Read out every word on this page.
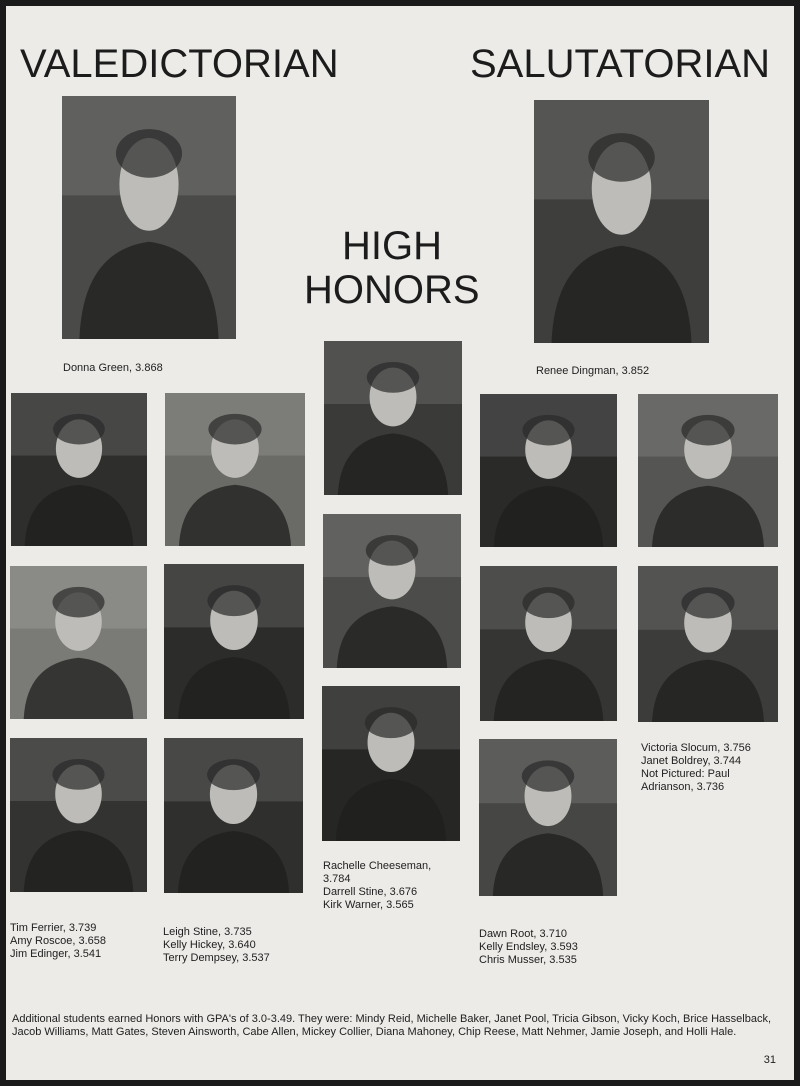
VALEDICTORIAN	SALUTATORIAN
HIGH
HONORS
Donna Green, 3.868	Renee Dingman, 3.852
Tim Ferrier, 3.739
Amy Roscoe, 3.658
Jim Edinger, 3.541
Leigh Stine, 3.735
Kelly Hickey, 3.640
Terry Dempsey, 3.537
Rachelle Cheeseman,
3.784
Darrell Stine, 3.676
Kirk Warner, 3.565
Dawn Root, 3.710
Kelly Endsley, 3.593
Chris Musser, 3.535
Victoria Slocum, 3.756
Janet Boldrey, 3.744
Not Pictured: Paul
Adrianson, 3.736
Additional students earned Honors with GPA's of 3.0-3.49. They were: Mindy Reid, Michelle Baker, Janet Pool, Tricia Gibson, Vicky Koch, Brice Hasselback, Jacob Williams, Matt Gates, Steven Ainsworth, Cabe Allen, Mickey Collier, Diana Mahoney, Chip Reese, Matt Nehmer, Jamie Joseph, and Holli Hale.
31
